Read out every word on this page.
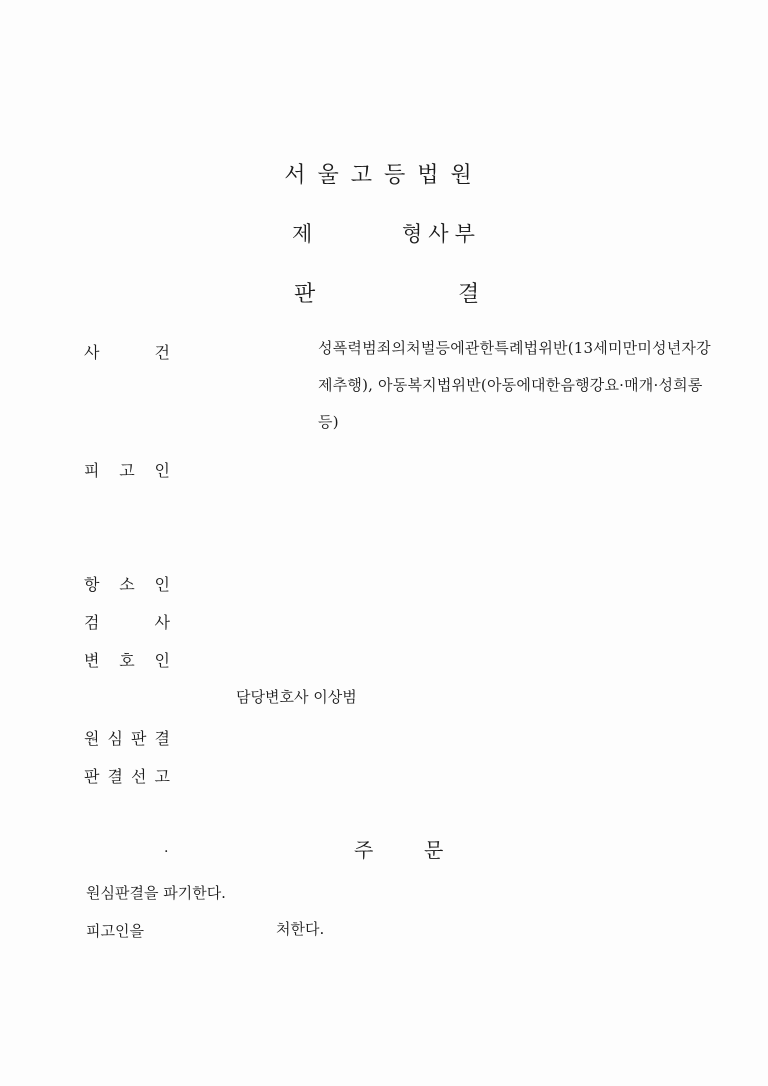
서울고등법원
제	형사부
판	결
사	건	성폭력범죄의처벌등에관한특례법위반(13세미만미성년자강제추행), 아동복지법위반(아동에대한음행강요·매개·성희롱등)
피 고 인
항 소 인
검	사
변 호 인
담당변호사 이상범
원 심 판 결
판 결 선 고
.	주	문
원심판결을 파기한다.
피고인을	처한다.
